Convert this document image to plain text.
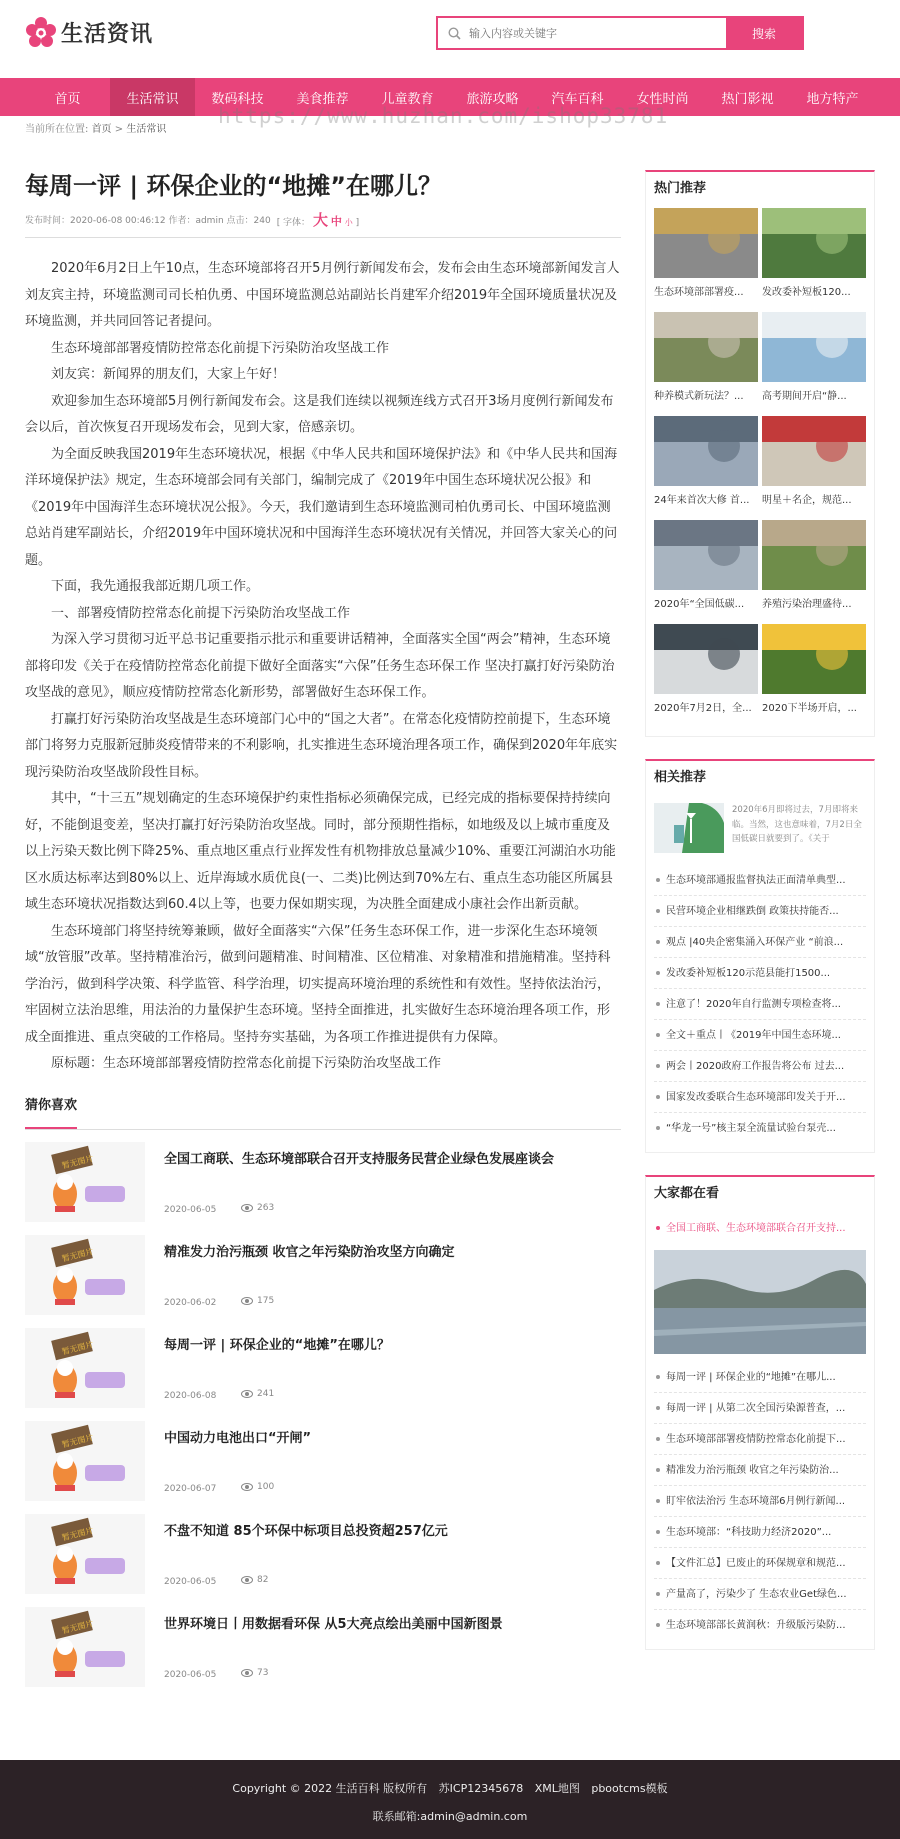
生活资讯
输入内容或关键字	搜索
首页	生活常识	数码科技	美食推荐	儿童教育	旅游攻略	汽车百科	女性时尚	热门影视	地方特产
https://www.huzhan.com/ishop33781
当前所在位置: 首页 > 生活常识
每周一评 | 环保企业的“地摊”在哪儿？
发布时间：2020-06-08 00:46:12 作者：admin 点击：240 [ 字体： 大 中 小 ]

2020年6月2日上午10点，生态环境部将召开5月例行新闻发布会，发布会由生态环境部新闻发言人刘友宾主持，环境监测司司长柏仇勇、中国环境监测总站副站长肖建军介绍2019年全国环境质量状况及环境监测，并共同回答记者提问。

生态环境部部署疫情防控常态化前提下污染防治攻坚战工作

刘友宾：新闻界的朋友们，大家上午好！

欢迎参加生态环境部5月例行新闻发布会。这是我们连续以视频连线方式召开3场月度例行新闻发布会以后，首次恢复召开现场发布会，见到大家，倍感亲切。

为全面反映我国2019年生态环境状况，根据《中华人民共和国环境保护法》和《中华人民共和国海洋环境保护法》规定，生态环境部会同有关部门，编制完成了《2019年中国生态环境状况公报》和《2019年中国海洋生态环境状况公报》。今天，我们邀请到生态环境监测司柏仇勇司长、中国环境监测总站肖建军副站长，介绍2019年中国环境状况和中国海洋生态环境状况有关情况，并回答大家关心的问题。

下面，我先通报我部近期几项工作。

一、部署疫情防控常态化前提下污染防治攻坚战工作

为深入学习贯彻习近平总书记重要指示批示和重要讲话精神，全面落实全国“两会”精神，生态环境部将印发《关于在疫情防控常态化前提下做好全面落实“六保”任务生态环保工作 坚决打赢打好污染防治攻坚战的意见》，顺应疫情防控常态化新形势，部署做好生态环保工作。

打赢打好污染防治攻坚战是生态环境部门心中的“国之大者”。在常态化疫情防控前提下，生态环境部门将努力克服新冠肺炎疫情带来的不利影响，扎实推进生态环境治理各项工作，确保到2020年年底实现污染防治攻坚战阶段性目标。

其中，“十三五”规划确定的生态环境保护约束性指标必须确保完成，已经完成的指标要保持持续向好，不能倒退变差，坚决打赢打好污染防治攻坚战。同时，部分预期性指标，如地级及以上城市重度及以上污染天数比例下降25%、重点地区重点行业挥发性有机物排放总量减少10%、重要江河湖泊水功能区水质达标率达到80%以上、近岸海域水质优良(一、二类)比例达到70%左右、重点生态功能区所属县域生态环境状况指数达到60.4以上等，也要力保如期实现，为决胜全面建成小康社会作出新贡献。

生态环境部门将坚持统筹兼顾，做好全面落实“六保”任务生态环保工作，进一步深化生态环境领域“放管服”改革。坚持精准治污，做到问题精准、时间精准、区位精准、对象精准和措施精准。坚持科学治污，做到科学决策、科学监管、科学治理，切实提高环境治理的系统性和有效性。坚持依法治污，牢固树立法治思维，用法治的力量保护生态环境。坚持全面推进，扎实做好生态环境治理各项工作，形成全面推进、重点突破的工作格局。坚持夯实基础，为各项工作推进提供有力保障。

原标题：生态环境部部署疫情防控常态化前提下污染防治攻坚战工作

猜你喜欢
暂无图片	全国工商联、生态环境部联合召开支持服务民营企业绿色发展座谈会
2020-06-05	263
暂无图片	精准发力治污瓶颈 收官之年污染防治攻坚方向确定
2020-06-02	175
暂无图片	每周一评 | 环保企业的“地摊”在哪儿？
2020-06-08	241
暂无图片	中国动力电池出口“开闸”
2020-06-07	100
暂无图片	不盘不知道 85个环保中标项目总投资超257亿元
2020-06-05	82
暂无图片	世界环境日丨用数据看环保 从5大亮点绘出美丽中国新图景
2020-06-05	73
热门推荐
生态环境部部署疫...	发改委补短板120...
种养模式新玩法？...	高考期间开启“静...
24年来首次大修 首...	明星＋名企，规范...
2020年“全国低碳...	养殖污染治理盛待...
2020年7月2日，全...	2020下半场开启，...
相关推荐
2020年6月即将过去，7月即将来临。当然，这也意味着，7月2日全国低碳日就要到了。《关于
生态环境部通报监督执法正面清单典型...
民营环境企业相继跌倒 政策扶持能否...
观点 |40央企密集涌入环保产业 “前浪...
发改委补短板120示范县能打1500...
注意了！2020年自行监测专项检查将...
全文＋重点丨《2019年中国生态环境...
两会丨2020政府工作报告将公布 过去...
国家发改委联合生态环境部印发关于开...
“华龙一号”核主泵全流量试验台泵壳...
大家都在看
全国工商联、生态环境部联合召开支持...
每周一评 | 环保企业的“地摊”在哪儿...
每周一评 | 从第二次全国污染源普查，...
生态环境部部署疫情防控常态化前提下...
精准发力治污瓶颈 收官之年污染防治...
盯牢依法治污 生态环境部6月例行新闻...
生态环境部：“科技助力经济2020”...
【文件汇总】已废止的环保规章和规范...
产量高了，污染少了 生态农业Get绿色...
生态环境部部长黄润秋：升级版污染防...
Copyright © 2022 生活百科 版权所有 苏ICP12345678 XML地图 pbootcms模板
联系邮箱:admin@admin.com
